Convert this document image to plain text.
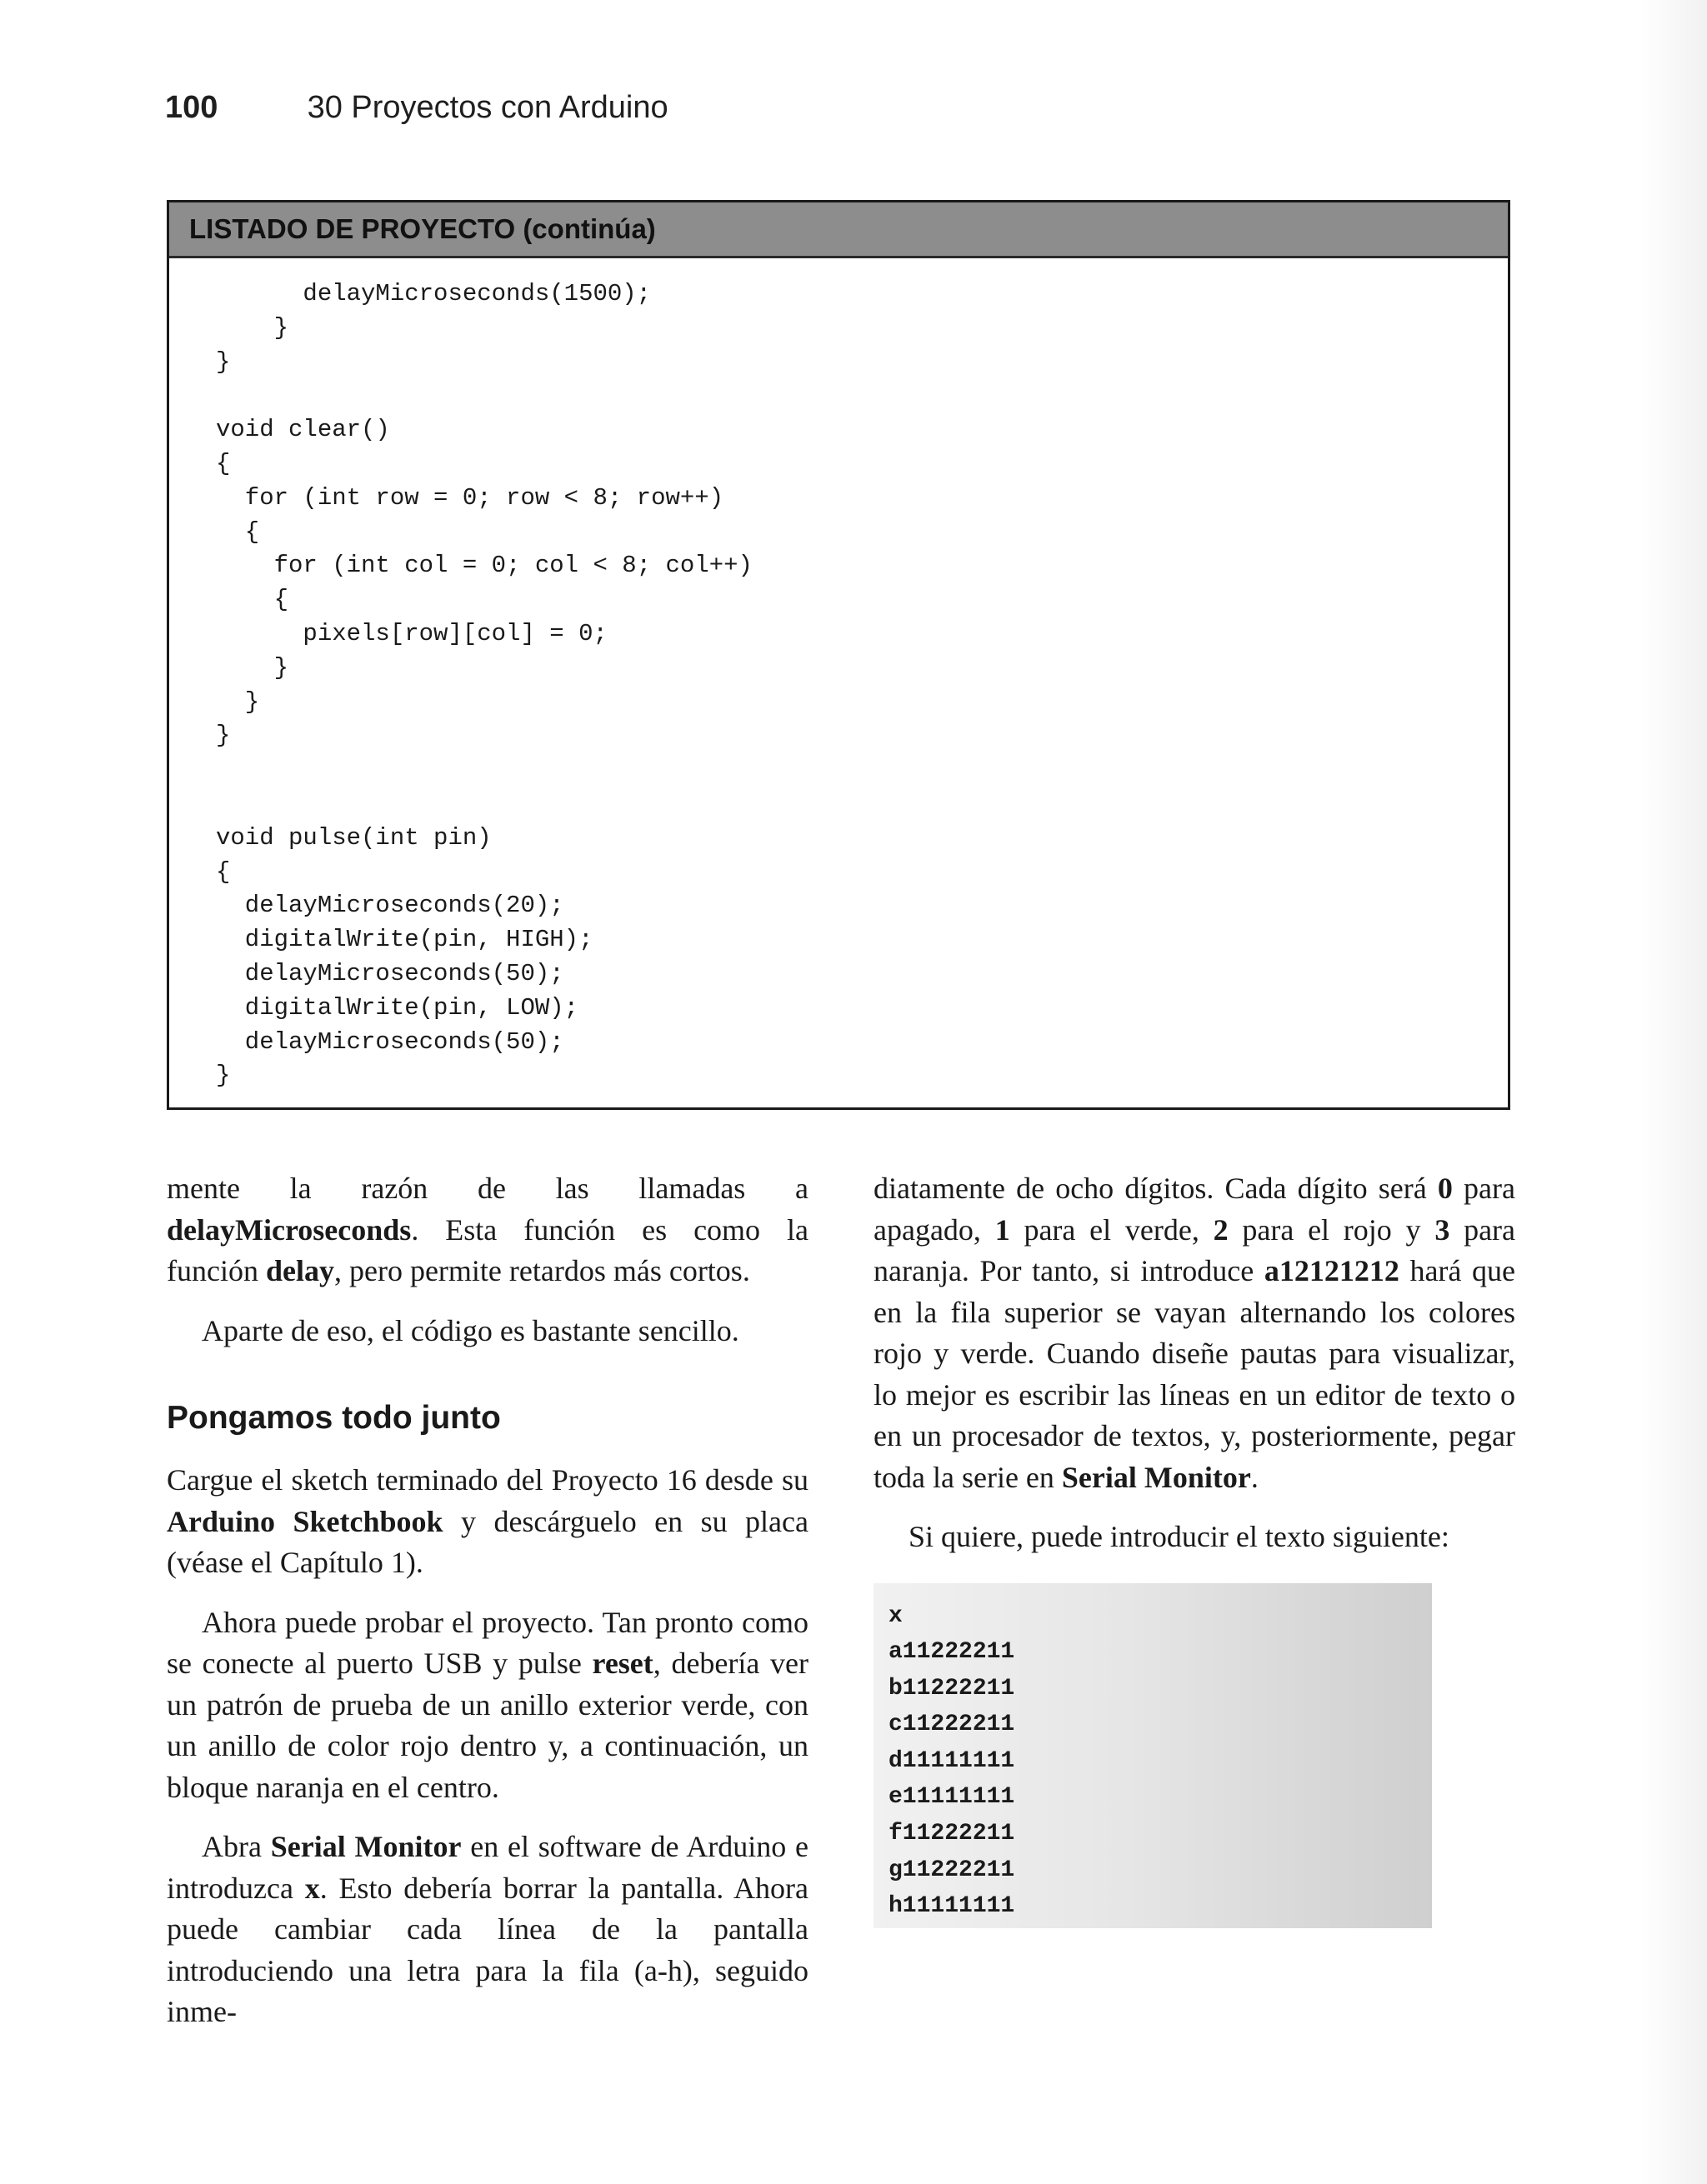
100	30 Proyectos con Arduino
LISTADO DE PROYECTO (continúa)
delayMicroseconds(1500);
}
}
void clear()
{
for (int row = 0; row < 8; row++)
{
for (int col = 0; col < 8; col++)
{
pixels[row][col] = 0;
}
}
}
void pulse(int pin)
{
delayMicroseconds(20);
digitalWrite(pin, HIGH);
delayMicroseconds(50);
digitalWrite(pin, LOW);
delayMicroseconds(50);
}

mente la razón de las llamadas a delayMicroseconds. Esta función es como la función delay, pero permite retardos más cortos.

Aparte de eso, el código es bastante sencillo.

Pongamos todo junto

Cargue el sketch terminado del Proyecto 16 desde su Arduino Sketchbook y descárguelo en su placa (véase el Capítulo 1).

Ahora puede probar el proyecto. Tan pronto como se conecte al puerto USB y pulse reset, debería ver un patrón de prueba de un anillo exterior verde, con un anillo de color rojo dentro y, a continuación, un bloque naranja en el centro.

Abra Serial Monitor en el software de Arduino e introduzca x. Esto debería borrar la pantalla. Ahora puede cambiar cada línea de la pantalla introduciendo una letra para la fila (a-h), seguido inme-

diatamente de ocho dígitos. Cada dígito será 0 para apagado, 1 para el verde, 2 para el rojo y 3 para naranja. Por tanto, si introduce a12121212 hará que en la fila superior se vayan alternando los colores rojo y verde. Cuando diseñe pautas para visualizar, lo mejor es escribir las líneas en un editor de texto o en un procesador de textos, y, posteriormente, pegar toda la serie en Serial Monitor.

Si quiere, puede introducir el texto siguiente:

x
a11222211
b11222211
c11222211
d11111111
e11111111
f11222211
g11222211
h11111111
